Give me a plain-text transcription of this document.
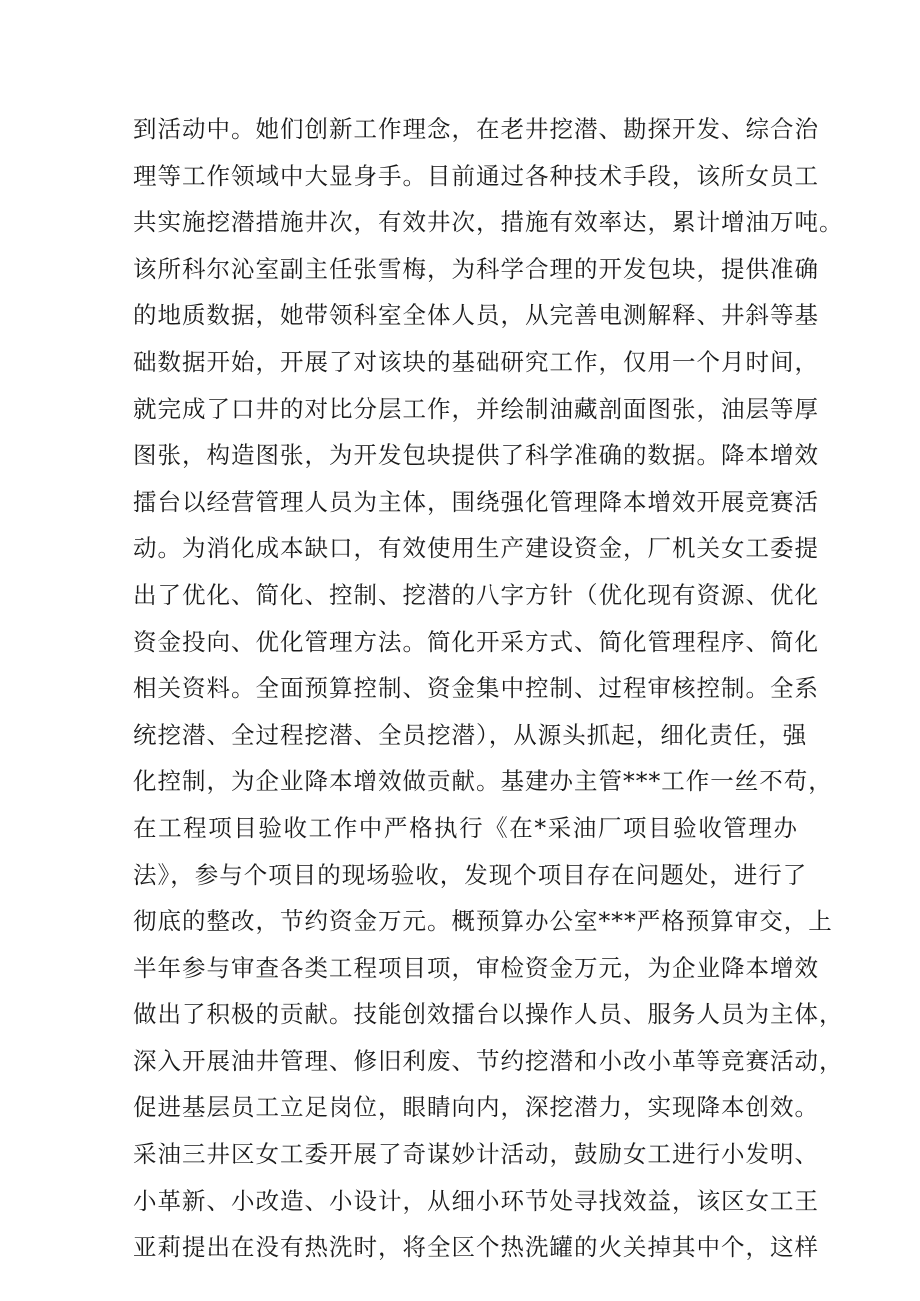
到活动中。她们创新工作理念，在老井挖潜、勘探开发、综合治
理等工作领域中大显身手。目前通过各种技术手段，该所女员工
共实施挖潜措施井次，有效井次，措施有效率达，累计增油万吨。
该所科尔沁室副主任张雪梅，为科学合理的开发包块，提供准确
的地质数据，她带领科室全体人员，从完善电测解释、井斜等基
础数据开始，开展了对该块的基础研究工作，仅用一个月时间，
就完成了口井的对比分层工作，并绘制油藏剖面图张，油层等厚
图张，构造图张，为开发包块提供了科学准确的数据。降本增效
擂台以经营管理人员为主体，围绕强化管理降本增效开展竞赛活
动。为消化成本缺口，有效使用生产建设资金，厂机关女工委提
出了优化、简化、控制、挖潜的八字方针（优化现有资源、优化
资金投向、优化管理方法。简化开采方式、简化管理程序、简化
相关资料。全面预算控制、资金集中控制、过程审核控制。全系
统挖潜、全过程挖潜、全员挖潜），从源头抓起，细化责任，强
化控制，为企业降本增效做贡献。基建办主管***工作一丝不苟，
在工程项目验收工作中严格执行《在*采油厂项目验收管理办
法》，参与个项目的现场验收，发现个项目存在问题处，进行了
彻底的整改，节约资金万元。概预算办公室***严格预算审交，上
半年参与审查各类工程项目项，审检资金万元，为企业降本增效
做出了积极的贡献。技能创效擂台以操作人员、服务人员为主体，
深入开展油井管理、修旧利废、节约挖潜和小改小革等竞赛活动，
促进基层员工立足岗位，眼睛向内，深挖潜力，实现降本创效。
采油三井区女工委开展了奇谋妙计活动，鼓励女工进行小发明、
小革新、小改造、小设计，从细小环节处寻找效益，该区女工王
亚莉提出在没有热洗时，将全区个热洗罐的火关掉其中个，这样
